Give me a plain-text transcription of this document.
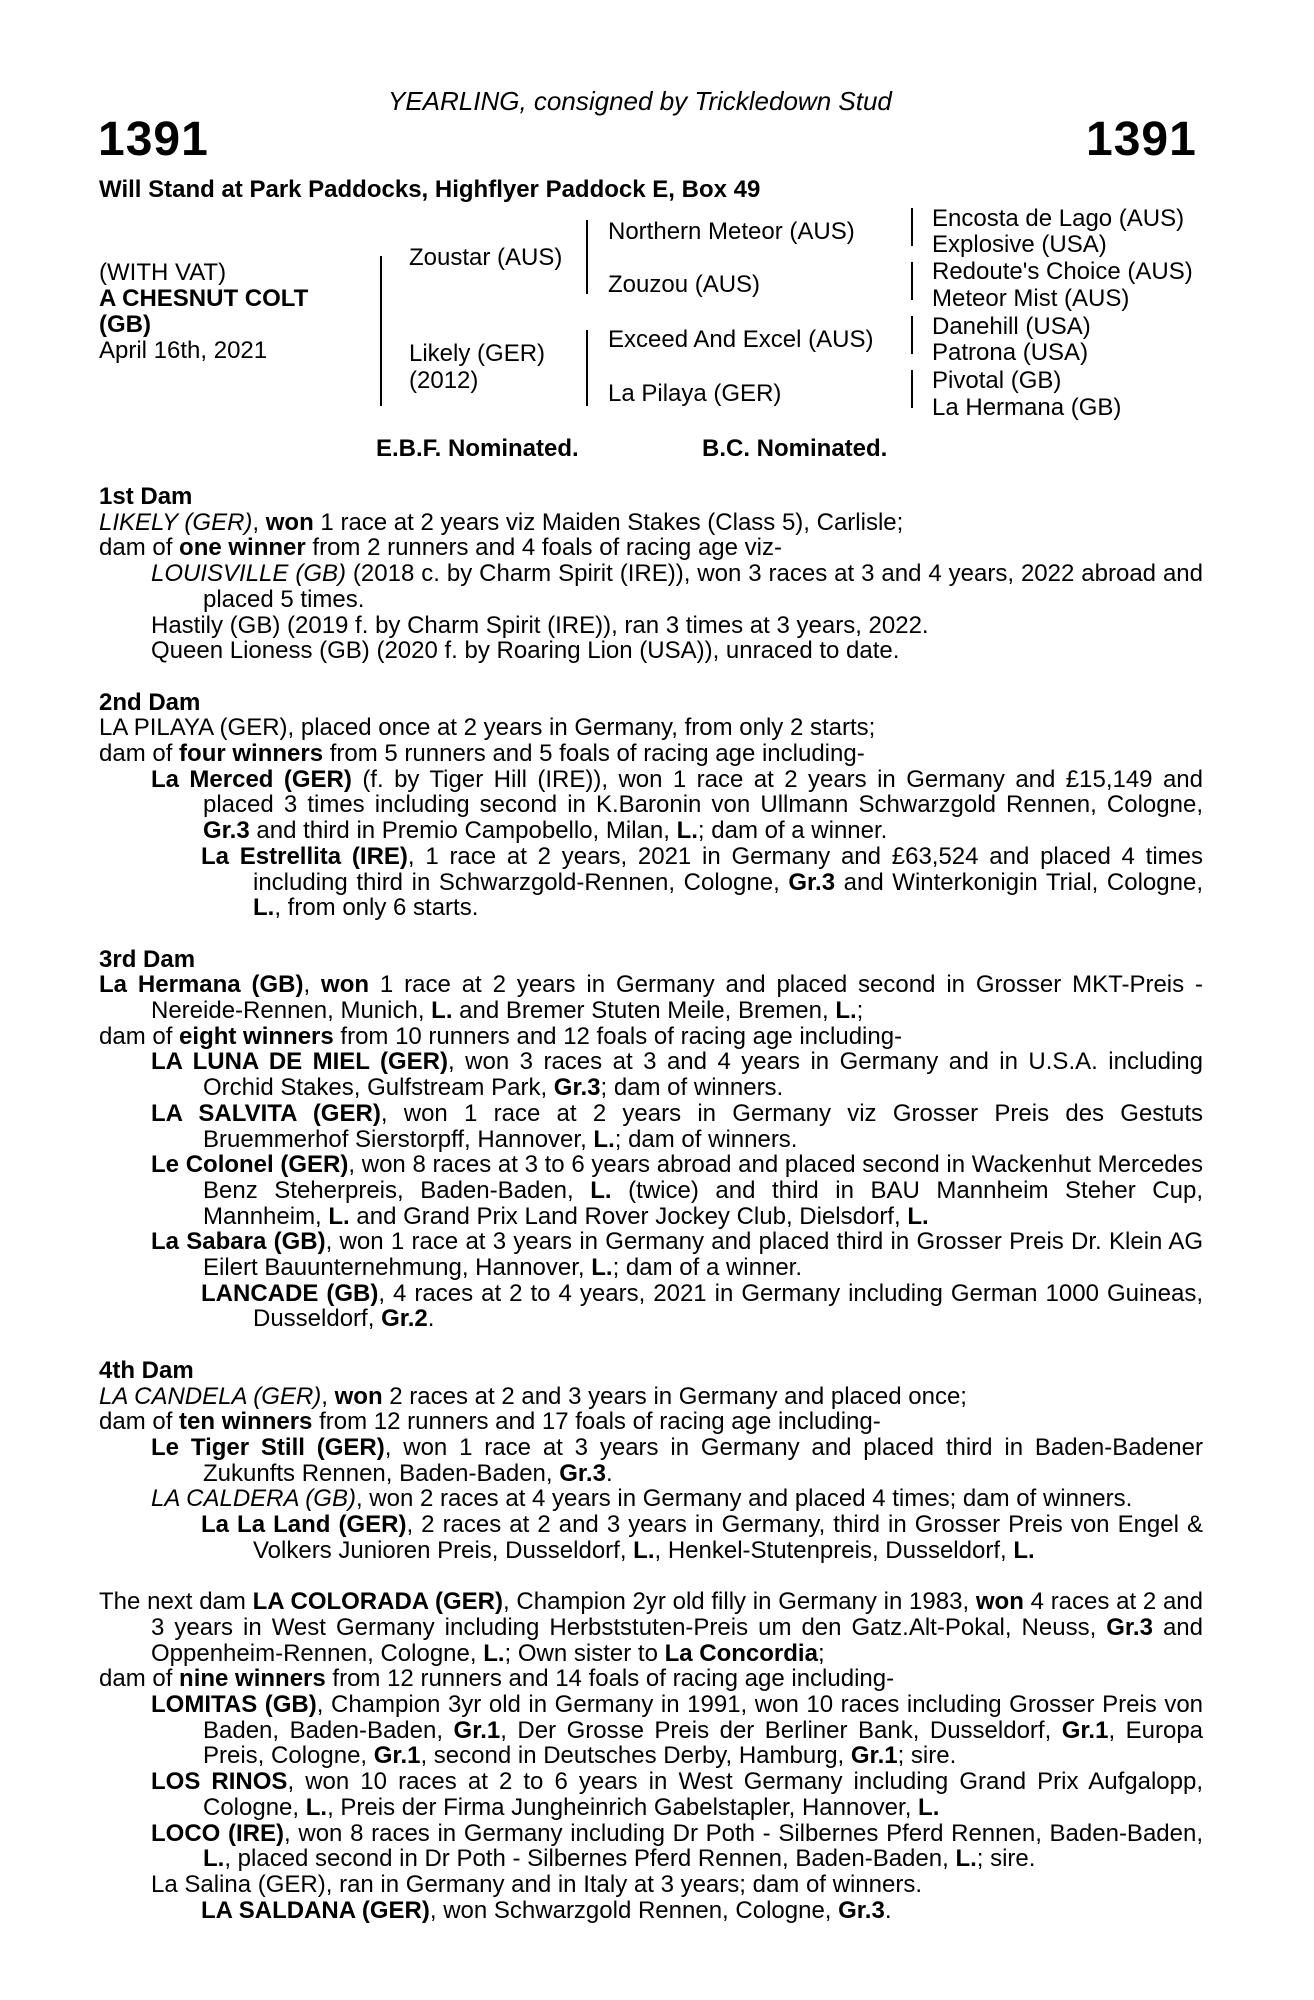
YEARLING, consigned by Trickledown Stud
1391	1391
Will Stand at Park Paddocks, Highflyer Paddock E, Box 49
(WITH VAT)
A CHESNUT COLT
(GB)
April 16th, 2021
Zoustar (AUS)
Likely (GER)
(2012)
Northern Meteor (AUS)
Zouzou (AUS)
Exceed And Excel (AUS)
La Pilaya (GER)
Encosta de Lago (AUS)
Explosive (USA)
Redoute's Choice (AUS)
Meteor Mist (AUS)
Danehill (USA)
Patrona (USA)
Pivotal (GB)
La Hermana (GB)
E.B.F. Nominated.	B.C. Nominated.

1st Dam

LIKELY (GER), won 1 race at 2 years viz Maiden Stakes (Class 5), Carlisle;

dam of one winner from 2 runners and 4 foals of racing age viz-

LOUISVILLE (GB) (2018 c. by Charm Spirit (IRE)), won 3 races at 3 and 4 years, 2022 abroad and placed 5 times.

Hastily (GB) (2019 f. by Charm Spirit (IRE)), ran 3 times at 3 years, 2022.

Queen Lioness (GB) (2020 f. by Roaring Lion (USA)), unraced to date.

2nd Dam

LA PILAYA (GER), placed once at 2 years in Germany, from only 2 starts;

dam of four winners from 5 runners and 5 foals of racing age including-

La Merced (GER) (f. by Tiger Hill (IRE)), won 1 race at 2 years in Germany and £15,149 and placed 3 times including second in K.Baronin von Ullmann Schwarzgold Rennen, Cologne, Gr.3 and third in Premio Campobello, Milan, L.; dam of a winner.

La Estrellita (IRE), 1 race at 2 years, 2021 in Germany and £63,524 and placed 4 times including third in Schwarzgold-Rennen, Cologne, Gr.3 and Winterkonigin Trial, Cologne, L., from only 6 starts.

3rd Dam

La Hermana (GB), won 1 race at 2 years in Germany and placed second in Grosser MKT-Preis - Nereide-Rennen, Munich, L. and Bremer Stuten Meile, Bremen, L.;

dam of eight winners from 10 runners and 12 foals of racing age including-

LA LUNA DE MIEL (GER), won 3 races at 3 and 4 years in Germany and in U.S.A. including Orchid Stakes, Gulfstream Park, Gr.3; dam of winners.

LA SALVITA (GER), won 1 race at 2 years in Germany viz Grosser Preis des Gestuts Bruemmerhof Sierstorpff, Hannover, L.; dam of winners.

Le Colonel (GER), won 8 races at 3 to 6 years abroad and placed second in Wackenhut Mercedes Benz Steherpreis, Baden-Baden, L. (twice) and third in BAU Mannheim Steher Cup, Mannheim, L. and Grand Prix Land Rover Jockey Club, Dielsdorf, L.

La Sabara (GB), won 1 race at 3 years in Germany and placed third in Grosser Preis Dr. Klein AG Eilert Bauunternehmung, Hannover, L.; dam of a winner.

LANCADE (GB), 4 races at 2 to 4 years, 2021 in Germany including German 1000 Guineas, Dusseldorf, Gr.2.

4th Dam

LA CANDELA (GER), won 2 races at 2 and 3 years in Germany and placed once;

dam of ten winners from 12 runners and 17 foals of racing age including-

Le Tiger Still (GER), won 1 race at 3 years in Germany and placed third in Baden-Badener Zukunfts Rennen, Baden-Baden, Gr.3.

LA CALDERA (GB), won 2 races at 4 years in Germany and placed 4 times; dam of winners.

La La Land (GER), 2 races at 2 and 3 years in Germany, third in Grosser Preis von Engel & Volkers Junioren Preis, Dusseldorf, L., Henkel-Stutenpreis, Dusseldorf, L.

The next dam LA COLORADA (GER), Champion 2yr old filly in Germany in 1983, won 4 races at 2 and 3 years in West Germany including Herbststuten-Preis um den Gatz.Alt-Pokal, Neuss, Gr.3 and Oppenheim-Rennen, Cologne, L.; Own sister to La Concordia;

dam of nine winners from 12 runners and 14 foals of racing age including-

LOMITAS (GB), Champion 3yr old in Germany in 1991, won 10 races including Grosser Preis von Baden, Baden-Baden, Gr.1, Der Grosse Preis der Berliner Bank, Dusseldorf, Gr.1, Europa Preis, Cologne, Gr.1, second in Deutsches Derby, Hamburg, Gr.1; sire.

LOS RINOS, won 10 races at 2 to 6 years in West Germany including Grand Prix Aufgalopp, Cologne, L., Preis der Firma Jungheinrich Gabelstapler, Hannover, L.

LOCO (IRE), won 8 races in Germany including Dr Poth - Silbernes Pferd Rennen, Baden-Baden, L., placed second in Dr Poth - Silbernes Pferd Rennen, Baden-Baden, L.; sire.

La Salina (GER), ran in Germany and in Italy at 3 years; dam of winners.

LA SALDANA (GER), won Schwarzgold Rennen, Cologne, Gr.3.
